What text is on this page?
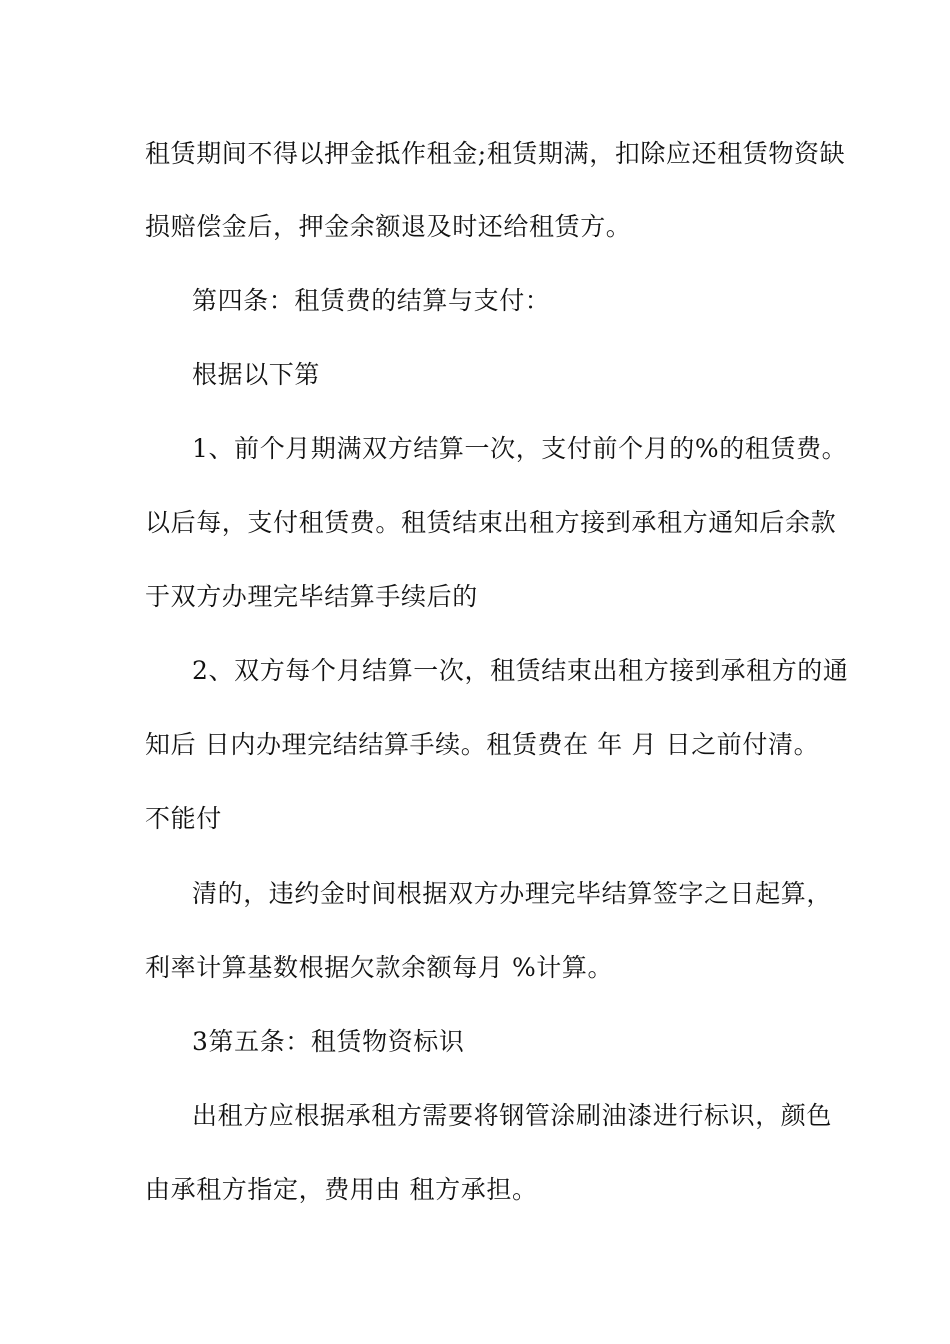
租赁期间不得以押金抵作租金;租赁期满，扣除应还租赁物资缺
损赔偿金后，押金余额退及时还给租赁方。
第四条：租赁费的结算与支付：
根据以下第
1、前个月期满双方结算一次，支付前个月的%的租赁费。
以后每，支付租赁费。租赁结束出租方接到承租方通知后余款
于双方办理完毕结算手续后的
2、双方每个月结算一次，租赁结束出租方接到承租方的通
知后 日内办理完结结算手续。租赁费在 年 月 日之前付清。
不能付
清的，违约金时间根据双方办理完毕结算签字之日起算，
利率计算基数根据欠款余额每月 %计算。
3第五条：租赁物资标识
出租方应根据承租方需要将钢管涂刷油漆进行标识，颜色
由承租方指定，费用由 租方承担。
